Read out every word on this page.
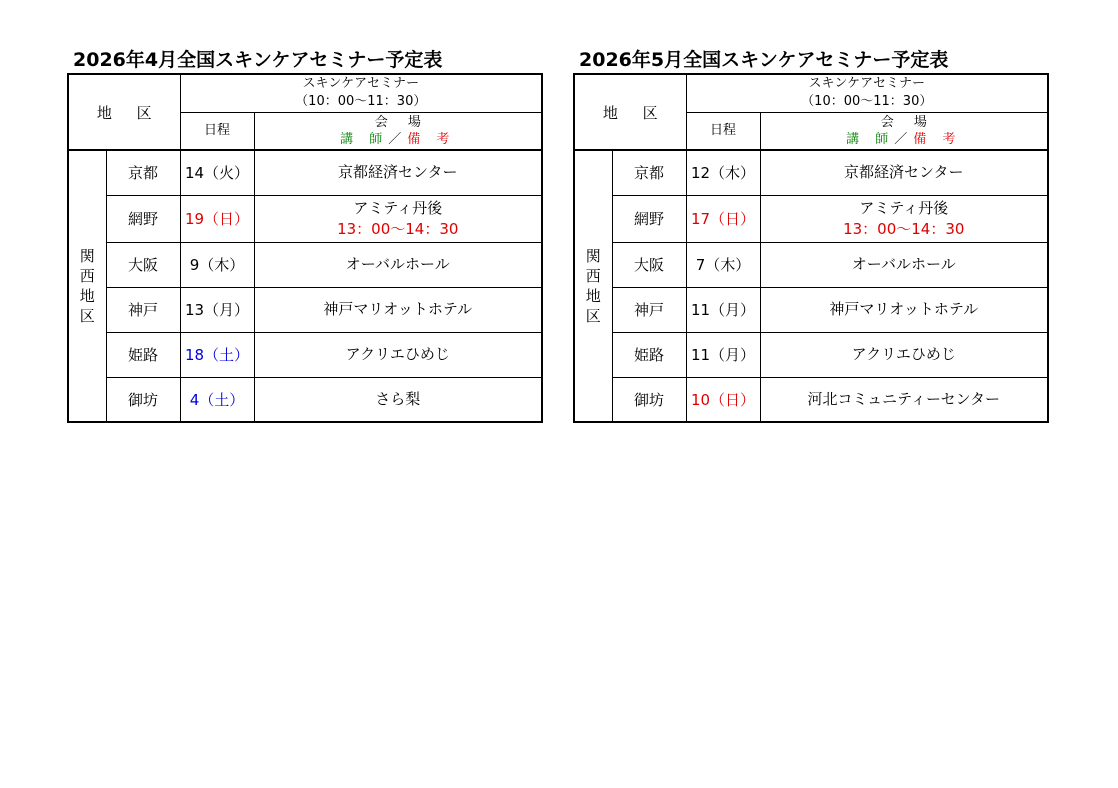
2026年4月全国スキンケアセミナー予定表
地 区		スキンケアセミナー
（10：00～11：30）	

		日程	会 場
講 師／備 考

関
西
地
区	京都	14（火）	京都経済センター

	網野	19（日）	アミティ丹後
13：00～14：30

	大阪	9（木）	オーバルホール

	神戸	13（月）	神戸マリオットホテル

	姫路	18（土）	アクリエひめじ

	御坊	4（土）	さら梨
2026年5月全国スキンケアセミナー予定表
地 区		スキンケアセミナー
（10：00～11：30）	

		日程	会 場
講 師／備 考

関
西
地
区	京都	12（木）	京都経済センター

	網野	17（日）	アミティ丹後
13：00～14：30

	大阪	7（木）	オーバルホール

	神戸	11（月）	神戸マリオットホテル

	姫路	11（月）	アクリエひめじ

	御坊	10（日）	河北コミュニティーセンター
